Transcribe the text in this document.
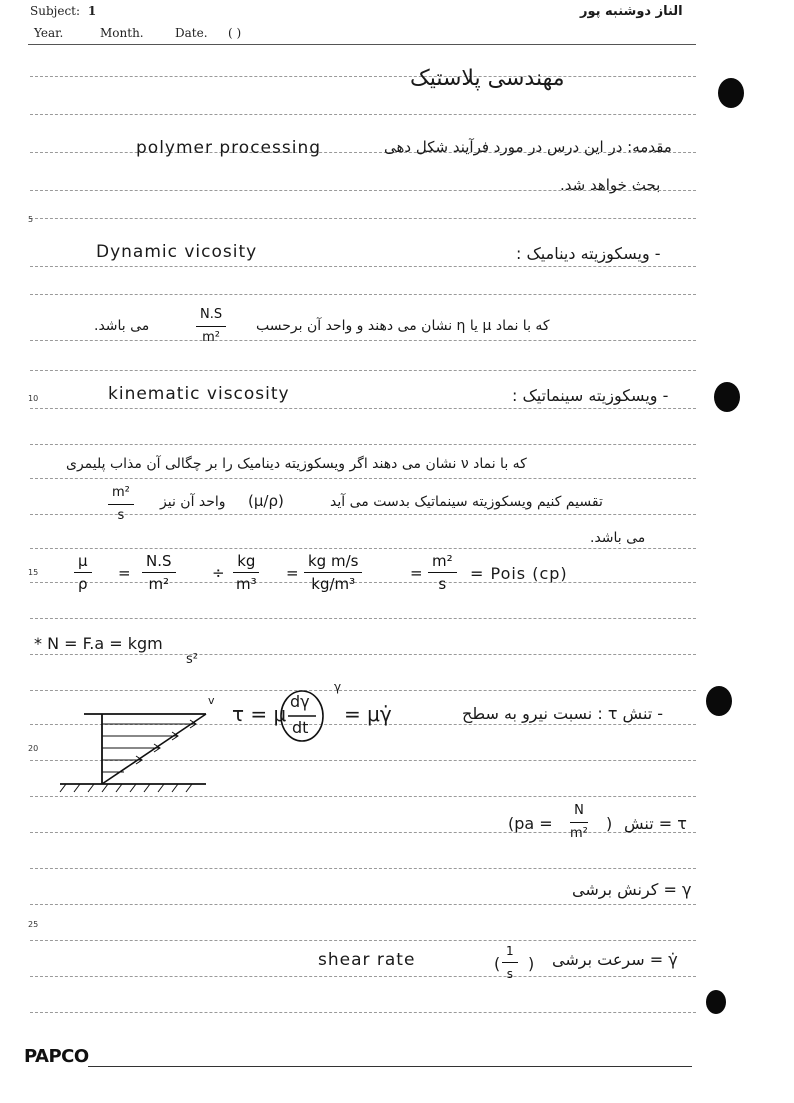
Subject: 1
Year.	Month.	Date. ( )
الناز دوشنبه پور
5
10
15
20
25
مهندسی پلاستیک
polymer processing	مقدمه: در این درس در مورد فرآیند شکل دهی
بحث خواهد شد.
Dynamic vicosity	- ویسکوزیته دینامیک :
می باشد.	$\frac{N.S}{\text{m²}}$ که با نماد μ یا η نشان می دهند و واحد آن برحسب
kinematic viscosity	- ویسکوزیته سینماتیک :
که با نماد ν نشان می دهند اگر ویسکوزیته دینامیک را بر چگالی آن مذاب پلیمری
$\frac{\text{m²}}{s}$ واحد آن نیز (μ/ρ)	تقسیم کنیم ویسکوزیته سینماتیک بدست می آید
می باشد.
$\frac{\mu}{\rho} = \frac{N.S}{\text{m²}} \div \frac{kg}{\text{m³}} = \frac{\text{kg m/s}}{\text{kg/m³}}$	= $\frac{\text{m²}}{s}$ = Pois (cp)
* N = F.a = kgm
s²
v
τ = μ
dγ
dt
γ
= μγ̇	- تنش τ : نسبت نیرو به سطح
($pa = \frac{N}{\text{m²}}$ ) τ = تنش
γ = کرنش برشی
shear rate	( $\frac{1}{s}$ ) γ̇ = سرعت برشی
PAPCO
